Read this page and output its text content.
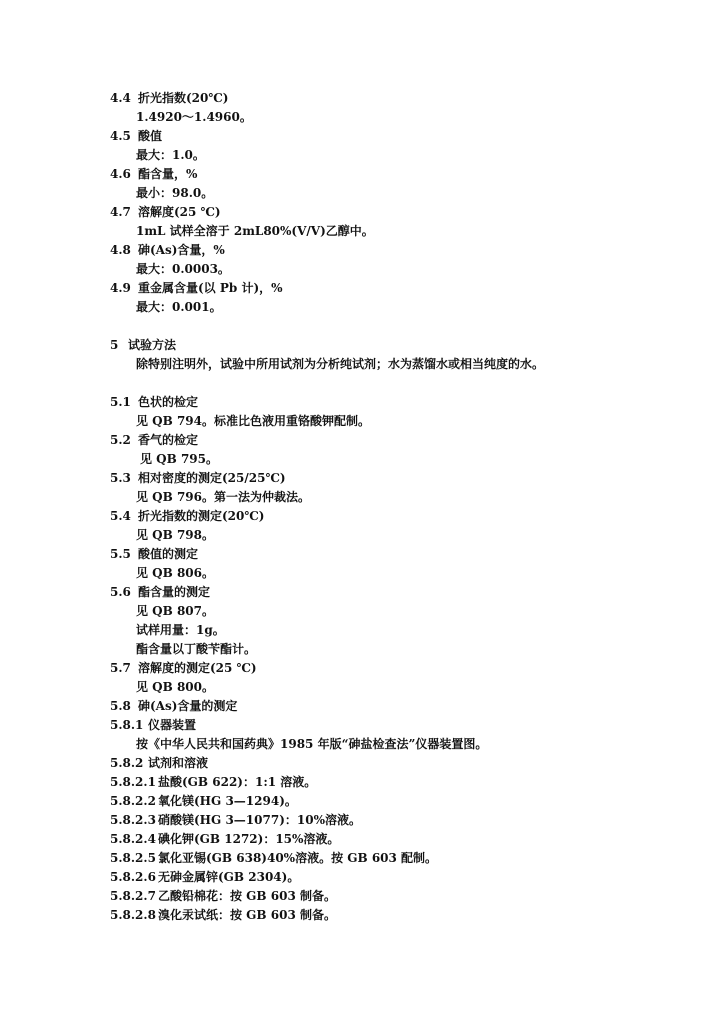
4.4 折光指数(20℃)
1.4920～1.4960。
4.5 酸值
最大：1.0。
4.6 酯含量，%
最小：98.0。
4.7 溶解度(25 ℃)
1mL 试样全溶于 2mL80%(V/V)乙醇中。
4.8 砷(As)含量，%
最大：0.0003。
4.9 重金属含量(以 Pb 计)，%
最大：0.001。
5 试验方法
除特别注明外，试验中所用试剂为分析纯试剂；水为蒸馏水或相当纯度的水。
5.1 色状的检定
见 QB 794。标准比色液用重铬酸钾配制。
5.2 香气的检定
见 QB 795。
5.3 相对密度的测定(25/25℃)
见 QB 796。第一法为仲裁法。
5.4 折光指数的测定(20℃)
见 QB 798。
5.5 酸值的测定
见 QB 806。
5.6 酯含量的测定
见 QB 807。
试样用量：1g。
酯含量以丁酸苄酯计。
5.7 溶解度的测定(25 ℃)
见 QB 800。
5.8 砷(As)含量的测定
5.8.1 仪器装置
按《中华人民共和国药典》1985 年版“砷盐检查法”仪器装置图。
5.8.2 试剂和溶液
5.8.2.1 盐酸(GB 622)：1:1 溶液。
5.8.2.2 氧化镁(HG 3—1294)。
5.8.2.3 硝酸镁(HG 3—1077)：10%溶液。
5.8.2.4 碘化钾(GB 1272)：15%溶液。
5.8.2.5 氯化亚锡(GB 638)40%溶液。按 GB 603 配制。
5.8.2.6 无砷金属锌(GB 2304)。
5.8.2.7 乙酸铅棉花：按 GB 603 制备。
5.8.2.8 溴化汞试纸：按 GB 603 制备。
